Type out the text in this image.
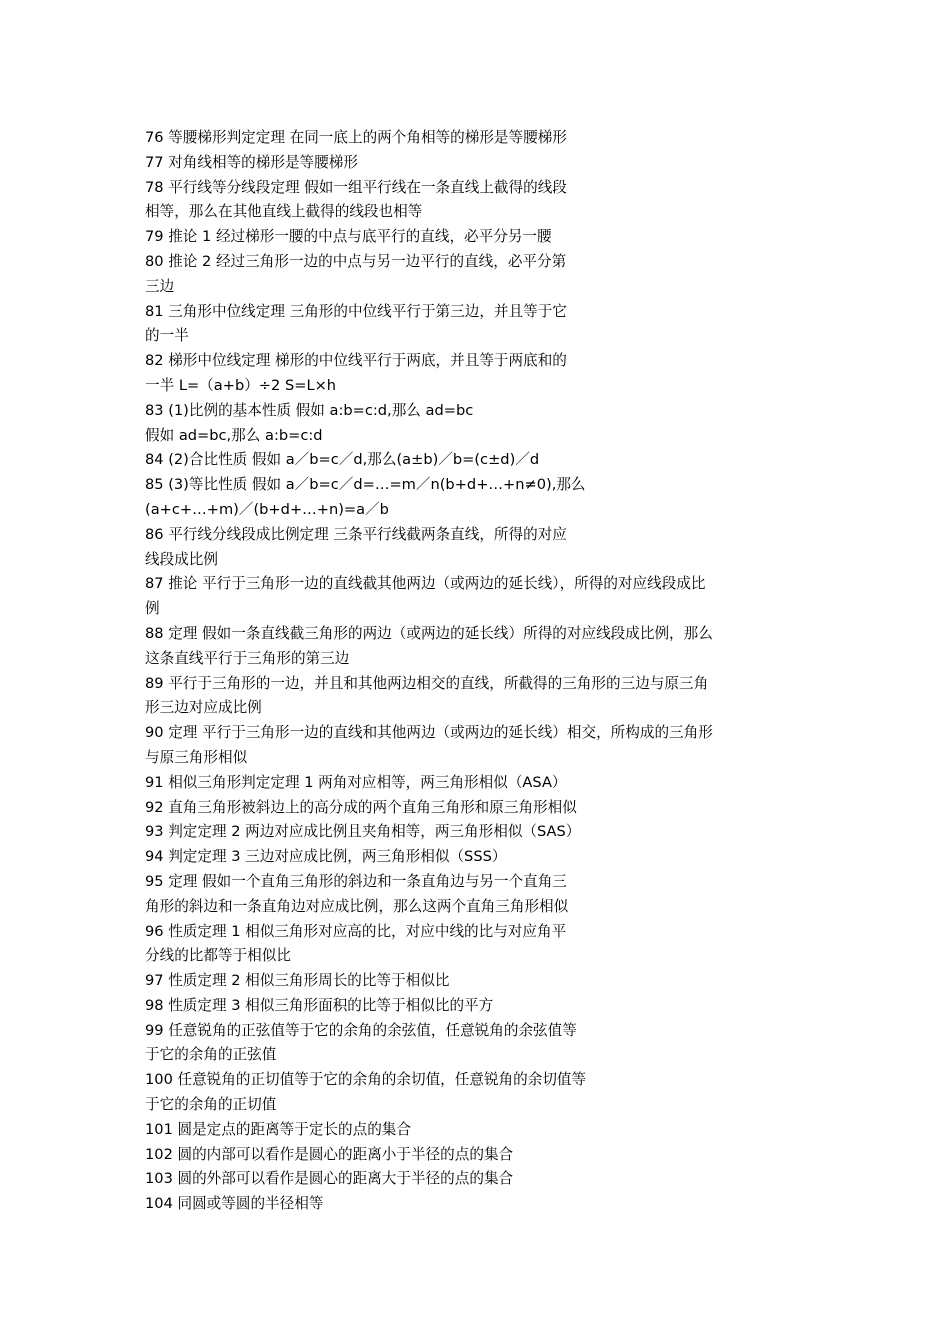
76 等腰梯形判定定理 在同一底上的两个角相等的梯形是等腰梯形
77 对角线相等的梯形是等腰梯形
78 平行线等分线段定理 假如一组平行线在一条直线上截得的线段
相等，那么在其他直线上截得的线段也相等
79 推论 1 经过梯形一腰的中点与底平行的直线，必平分另一腰
80 推论 2 经过三角形一边的中点与另一边平行的直线，必平分第
三边
81 三角形中位线定理 三角形的中位线平行于第三边，并且等于它
的一半
82 梯形中位线定理 梯形的中位线平行于两底，并且等于两底和的
一半 L=（a+b）÷2 S=L×h
83 (1)比例的基本性质 假如 a:b=c:d,那么 ad=bc
假如 ad=bc,那么 a:b=c:d
84 (2)合比性质 假如 a／b=c／d,那么(a±b)／b=(c±d)／d
85 (3)等比性质 假如 a／b=c／d=…=m／n(b+d+…+n≠0),那么
(a+c+…+m)／(b+d+…+n)=a／b
86 平行线分线段成比例定理 三条平行线截两条直线，所得的对应
线段成比例
87 推论 平行于三角形一边的直线截其他两边（或两边的延长线），所得的对应线段成比
例
88 定理 假如一条直线截三角形的两边（或两边的延长线）所得的对应线段成比例，那么
这条直线平行于三角形的第三边
89 平行于三角形的一边，并且和其他两边相交的直线，所截得的三角形的三边与原三角
形三边对应成比例
90 定理 平行于三角形一边的直线和其他两边（或两边的延长线）相交，所构成的三角形
与原三角形相似
91 相似三角形判定定理 1 两角对应相等，两三角形相似（ASA）
92 直角三角形被斜边上的高分成的两个直角三角形和原三角形相似
93 判定定理 2 两边对应成比例且夹角相等，两三角形相似（SAS）
94 判定定理 3 三边对应成比例，两三角形相似（SSS）
95 定理 假如一个直角三角形的斜边和一条直角边与另一个直角三
角形的斜边和一条直角边对应成比例，那么这两个直角三角形相似
96 性质定理 1 相似三角形对应高的比，对应中线的比与对应角平
分线的比都等于相似比
97 性质定理 2 相似三角形周长的比等于相似比
98 性质定理 3 相似三角形面积的比等于相似比的平方
99 任意锐角的正弦值等于它的余角的余弦值，任意锐角的余弦值等
于它的余角的正弦值
100 任意锐角的正切值等于它的余角的余切值，任意锐角的余切值等
于它的余角的正切值
101 圆是定点的距离等于定长的点的集合
102 圆的内部可以看作是圆心的距离小于半径的点的集合
103 圆的外部可以看作是圆心的距离大于半径的点的集合
104 同圆或等圆的半径相等
